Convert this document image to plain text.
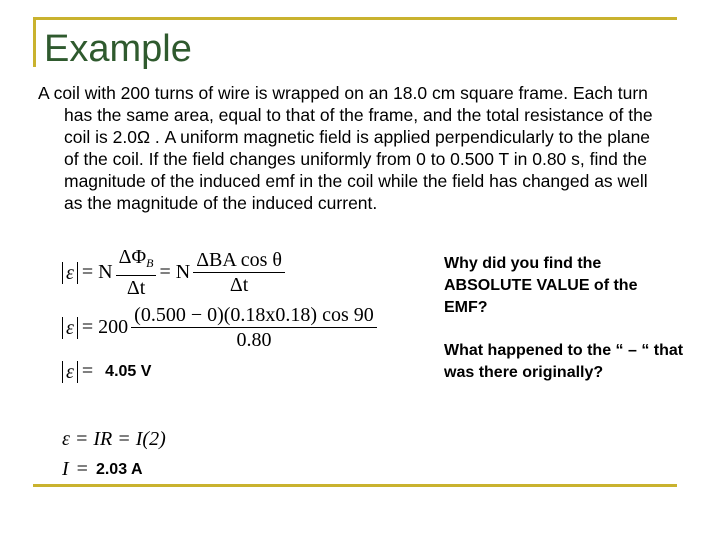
Example

A coil with 200 turns of wire is wrapped on an 18.0 cm square frame. Each turn has the same area, equal to that of the frame, and the total resistance of the coil is 2.0Ω . A uniform magnetic field is applied perpendicularly to the plane of the coil. If the field changes uniformly from 0 to 0.500 T in 0.80 s, find the magnitude of the induced emf in the coil while the field has changed as well as the magnitude of the induced current.

ε = N $\frac{\Delta\Phi_B}{\Delta t} = N \frac{\text{ΔBA cos θ}}{\Delta t}$
$\varepsilon = 200 \frac{(0.500 - 0)(0.18x0.18) \cos 90}{0.80}$
ε = 4.05 V
ε = IR = I(2)
I = 2.03 A

Why did you find the ABSOLUTE VALUE of the EMF?

What happened to the “ – “ that was there originally?
